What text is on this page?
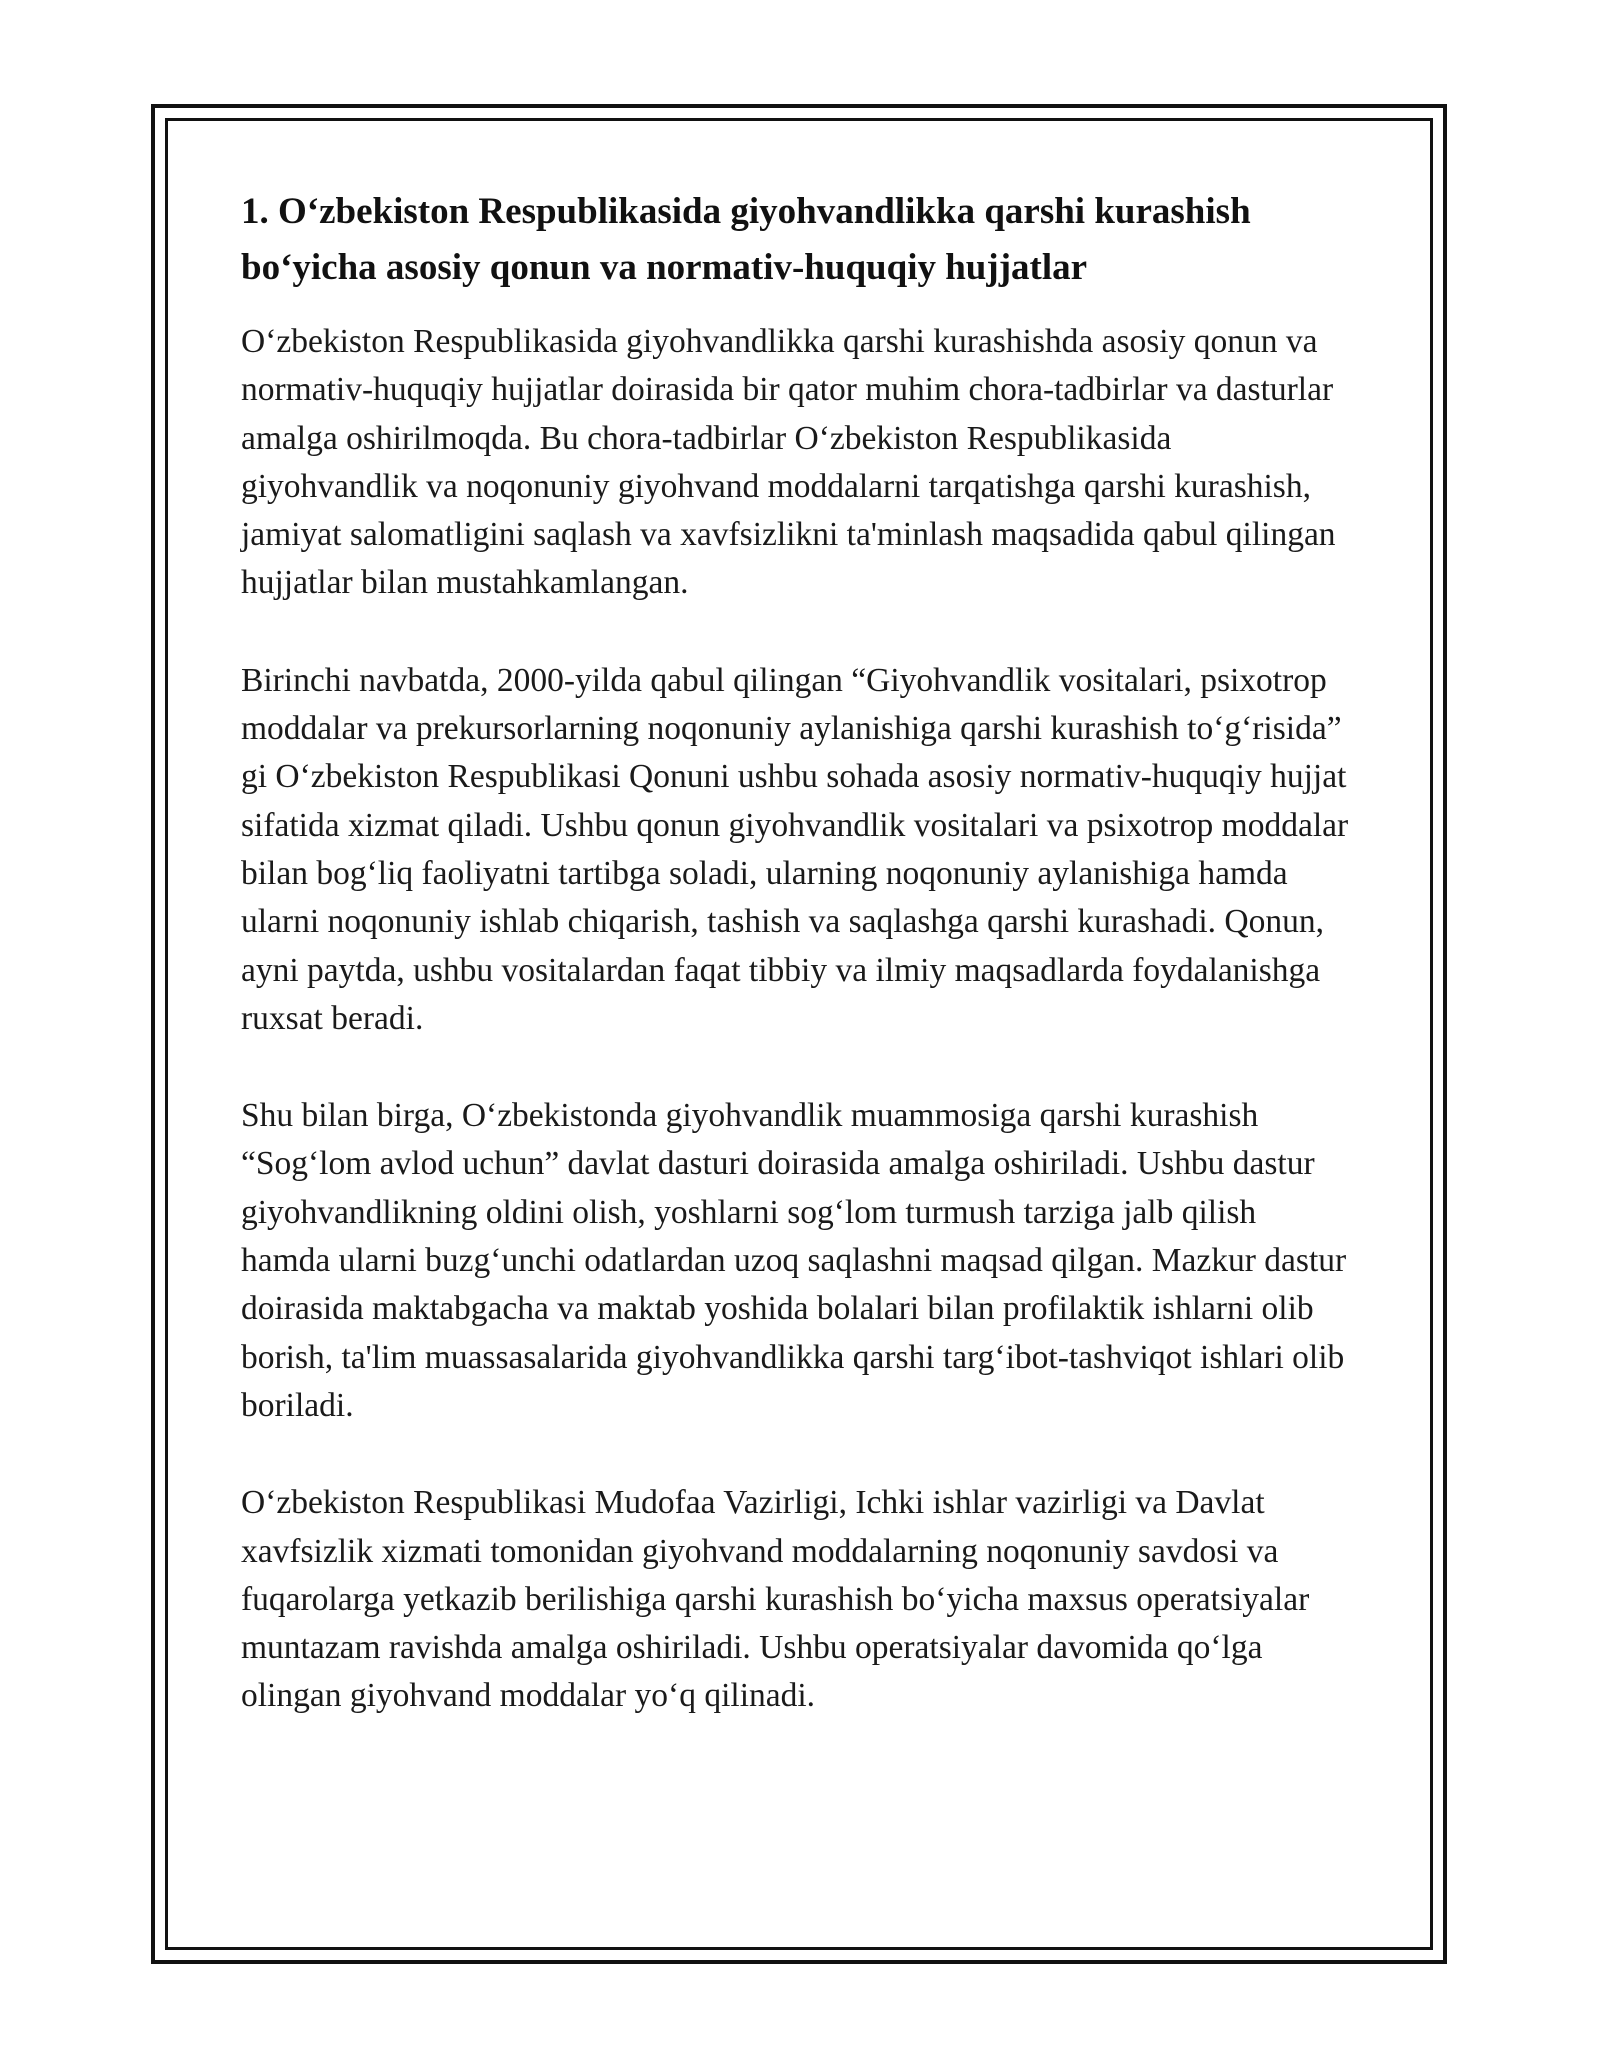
1. O‘zbekiston Respublikasida giyohvandlikka qarshi kurashish bo‘yicha asosiy qonun va normativ-huquqiy hujjatlar

O‘zbekiston Respublikasida giyohvandlikka qarshi kurashishda asosiy qonun va normativ-huquqiy hujjatlar doirasida bir qator muhim chora-tadbirlar va dasturlar amalga oshirilmoqda. Bu chora-tadbirlar O‘zbekiston Respublikasida giyohvandlik va noqonuniy giyohvand moddalarni tarqatishga qarshi kurashish, jamiyat salomatligini saqlash va xavfsizlikni ta'minlash maqsadida qabul qilingan hujjatlar bilan mustahkamlangan.

Birinchi navbatda, 2000-yilda qabul qilingan “Giyohvandlik vositalari, psixotrop moddalar va prekursorlarning noqonuniy aylanishiga qarshi kurashish to‘g‘risida” gi O‘zbekiston Respublikasi Qonuni ushbu sohada asosiy normativ-huquqiy hujjat sifatida xizmat qiladi. Ushbu qonun giyohvandlik vositalari va psixotrop moddalar bilan bog‘liq faoliyatni tartibga soladi, ularning noqonuniy aylanishiga hamda ularni noqonuniy ishlab chiqarish, tashish va saqlashga qarshi kurashadi. Qonun, ayni paytda, ushbu vositalardan faqat tibbiy va ilmiy maqsadlarda foydalanishga ruxsat beradi.

Shu bilan birga, O‘zbekistonda giyohvandlik muammosiga qarshi kurashish “Sog‘lom avlod uchun” davlat dasturi doirasida amalga oshiriladi. Ushbu dastur giyohvandlikning oldini olish, yoshlarni sog‘lom turmush tarziga jalb qilish hamda ularni buzg‘unchi odatlardan uzoq saqlashni maqsad qilgan. Mazkur dastur doirasida maktabgacha va maktab yoshida bolalari bilan profilaktik ishlarni olib borish, ta'lim muassasalarida giyohvandlikka qarshi targ‘ibot-tashviqot ishlari olib boriladi.

O‘zbekiston Respublikasi Mudofaa Vazirligi, Ichki ishlar vazirligi va Davlat xavfsizlik xizmati tomonidan giyohvand moddalarning noqonuniy savdosi va fuqarolarga yetkazib berilishiga qarshi kurashish bo‘yicha maxsus operatsiyalar muntazam ravishda amalga oshiriladi. Ushbu operatsiyalar davomida qo‘lga olingan giyohvand moddalar yo‘q qilinadi.
